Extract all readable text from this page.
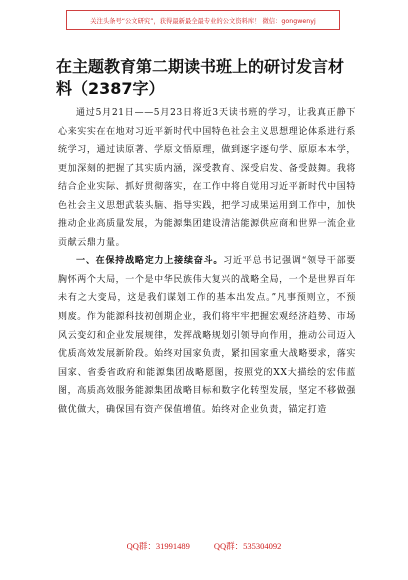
关注头条号“公文研究”，获得最新最全最专业的公文资料库！ 微信：gongwenyj
在主题教育第二期读书班上的研讨发言材料（2387字）

通过5月21日——5月23日将近3天读书班的学习，让我真正静下心来实实在在地对习近平新时代中国特色社会主义思想理论体系进行系统学习，通过读原著、学原文悟原理，做到逐字逐句学、原原本本学，更加深刻的把握了其实质内涵，深受教育、深受启发、备受鼓舞。我将结合企业实际、抓好贯彻落实，在工作中将自觉用习近平新时代中国特色社会主义思想武装头脑、指导实践，把学习成果运用到工作中，加快推动企业高质量发展，为能源集团建设清洁能源供应商和世界一流企业贡献云鼎力量。

一、在保持战略定力上接续奋斗。习近平总书记强调“领导干部要胸怀两个大局，一个是中华民族伟大复兴的战略全局，一个是世界百年未有之大变局，这是我们谋划工作的基本出发点。”凡事预则立，不预则废。作为能源科技初创期企业，我们将牢牢把握宏观经济趋势、市场风云变幻和企业发展规律，发挥战略规划引领导向作用，推动公司迈入优质高效发展新阶段。始终对国家负责，紧扣国家重大战略要求，落实国家、省委省政府和能源集团战略愿图，按照党的XX大描绘的宏伟蓝图，高质高效服务能源集团战略目标和数字化转型发展，坚定不移做强做优做大，确保国有资产保值增值。始终对企业负责，锚定打造

QQ群：31991489	QQ群：535304092
